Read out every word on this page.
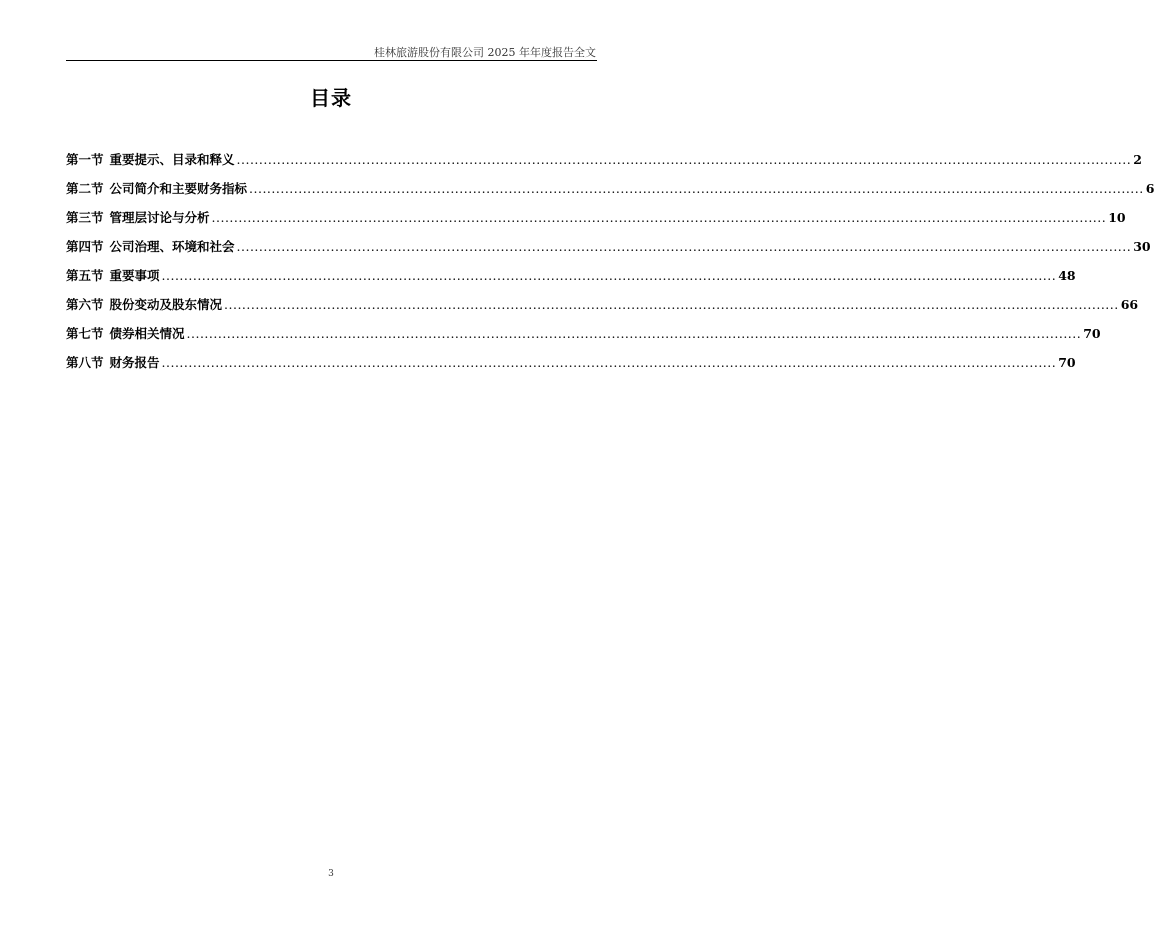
桂林旅游股份有限公司 2025 年年度报告全文
目录
第一节 重要提示、目录和释义 ........................................................................................................................................................................................................ 2
第二节 公司简介和主要财务指标 ........................................................................................................................................................................................................ 6
第三节 管理层讨论与分析 ........................................................................................................................................................................................................ 10
第四节 公司治理、环境和社会 ........................................................................................................................................................................................................ 30
第五节 重要事项 ........................................................................................................................................................................................................ 48
第六节 股份变动及股东情况 ........................................................................................................................................................................................................ 66
第七节 债券相关情况 ........................................................................................................................................................................................................ 70
第八节 财务报告 ........................................................................................................................................................................................................ 70
3
